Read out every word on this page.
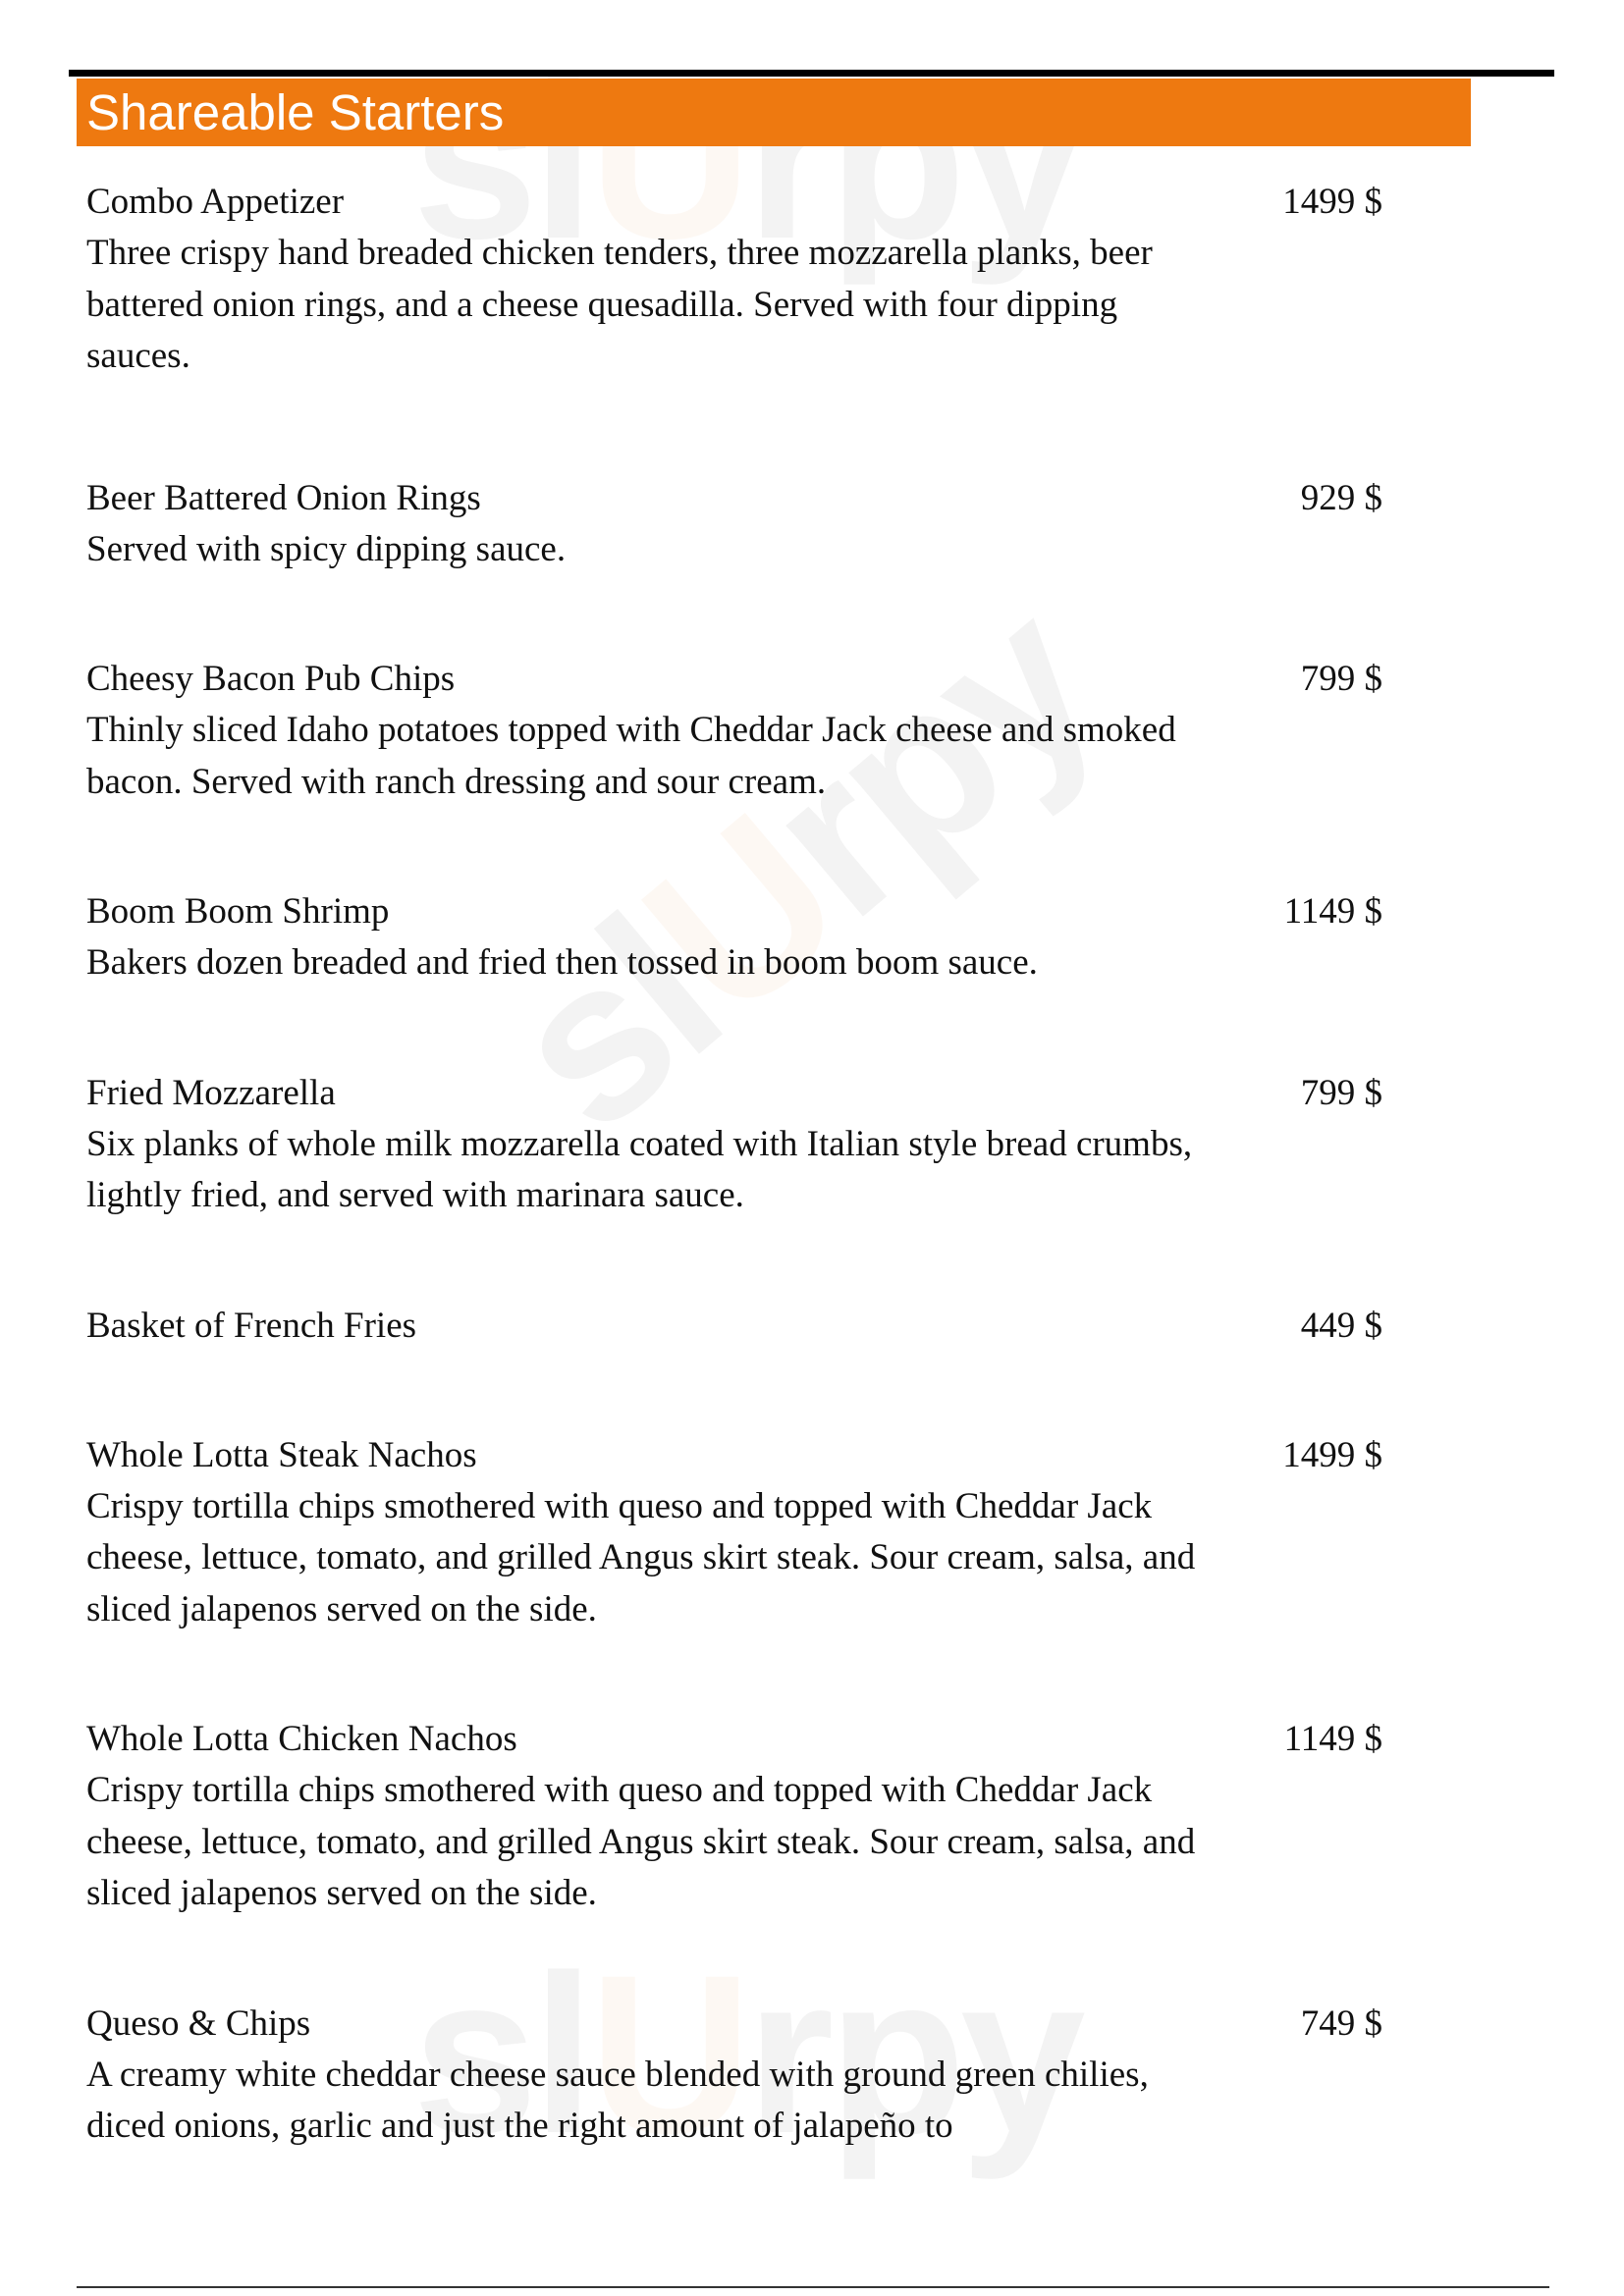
Shareable Starters
Combo Appetizer	1499 $
Three crispy hand breaded chicken tenders, three mozzarella planks, beer battered onion rings, and a cheese quesadilla. Served with four dipping sauces.
Beer Battered Onion Rings	929 $
Served with spicy dipping sauce.
Cheesy Bacon Pub Chips	799 $
Thinly sliced Idaho potatoes topped with Cheddar Jack cheese and smoked bacon. Served with ranch dressing and sour cream.
Boom Boom Shrimp	1149 $
Bakers dozen breaded and fried then tossed in boom boom sauce.
Fried Mozzarella	799 $
Six planks of whole milk mozzarella coated with Italian style bread crumbs, lightly fried, and served with marinara sauce.
Basket of French Fries	449 $
Whole Lotta Steak Nachos	1499 $
Crispy tortilla chips smothered with queso and topped with Cheddar Jack cheese, lettuce, tomato, and grilled Angus skirt steak. Sour cream, salsa, and sliced jalapenos served on the side.
Whole Lotta Chicken Nachos	1149 $
Crispy tortilla chips smothered with queso and topped with Cheddar Jack cheese, lettuce, tomato, and grilled Angus skirt steak. Sour cream, salsa, and sliced jalapenos served on the side.
Queso & Chips	749 $
A creamy white cheddar cheese sauce blended with ground green chilies, diced onions, garlic and just the right amount of jalapeño to
